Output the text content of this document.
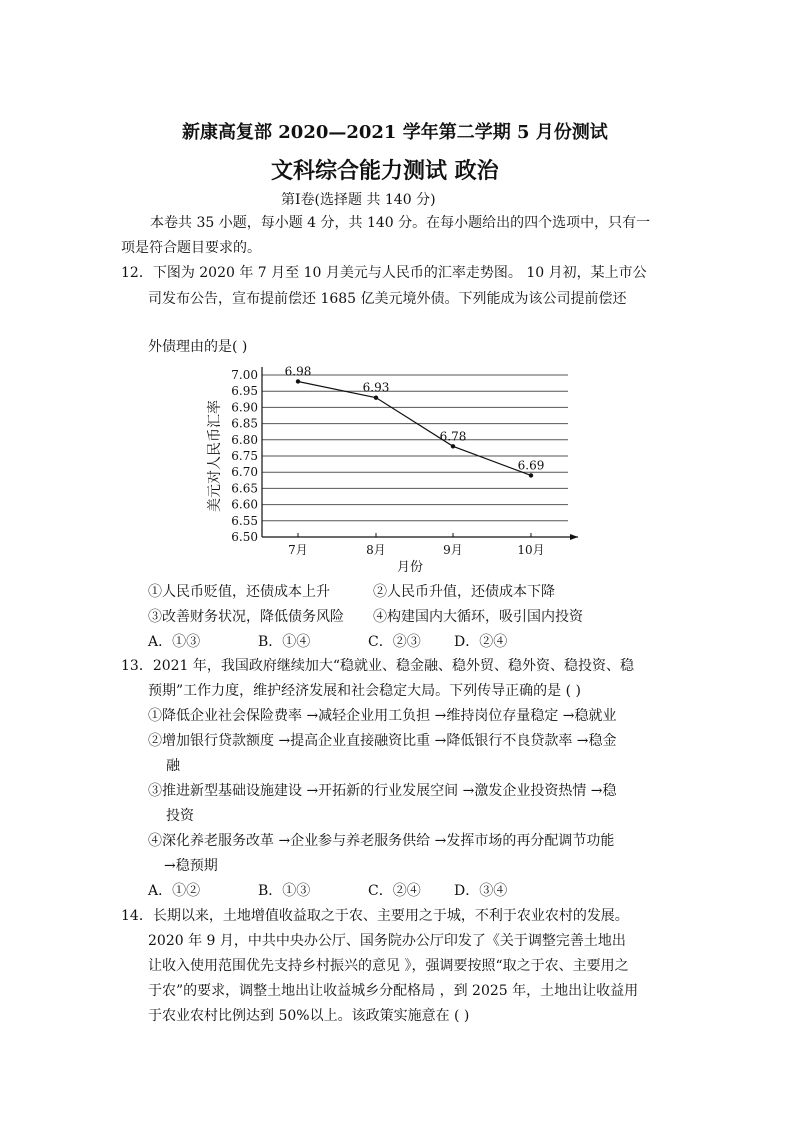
新康高复部 2020—2021 学年第二学期 5 月份测试
文科综合能力测试 政治
第Ⅰ卷(选择题 共 140 分)
本卷共 35 小题，每小题 4 分，共 140 分。在每小题给出的四个选项中，只有一
项是符合题目要求的。
12．下图为 2020 年 7 月至 10 月美元与人民币的汇率走势图。 10 月初，某上市公
司发布公告，宣布提前偿还 1685 亿美元境外债。下列能成为该公司提前偿还
外债理由的是( )
7.00
6.95
6.90
6.85
6.80
6.75
6.70
6.65
6.60
6.55
6.50
7月	8月	9月	10月
6.98
6.93
6.78
6.69
美元对人民币汇率
月份
①人民币贬值，还债成本上升	②人民币升值，还债成本下降
③改善财务状况，降低债务风险 ④构建国内大循环，吸引国内投资
A．①③	B．①④	C．②③ D．②④
13．2021 年，我国政府继续加大“稳就业、稳金融、稳外贸、稳外资、稳投资、稳
预期”工作力度，维护经济发展和社会稳定大局。下列传导正确的是 ( )
①降低企业社会保险费率 →减轻企业用工负担 →维持岗位存量稳定 →稳就业
②增加银行贷款额度 →提高企业直接融资比重 →降低银行不良贷款率 →稳金
融
③推进新型基础设施建设 →开拓新的行业发展空间 →激发企业投资热情 →稳
投资
④深化养老服务改革 →企业参与养老服务供给 →发挥市场的再分配调节功能
→稳预期
A．①②	B．①③	C．②④ D．③④
14．长期以来，土地增值收益取之于农、主要用之于城，不利于农业农村的发展。
2020 年 9 月，中共中央办公厅、国务院办公厅印发了《关于调整完善土地出
让收入使用范围优先支持乡村振兴的意见 》，强调要按照“取之于农、主要用之
于农”的要求，调整土地出让收益城乡分配格局 ，到 2025 年，土地出让收益用
于农业农村比例达到 50%以上。该政策实施意在 ( )
